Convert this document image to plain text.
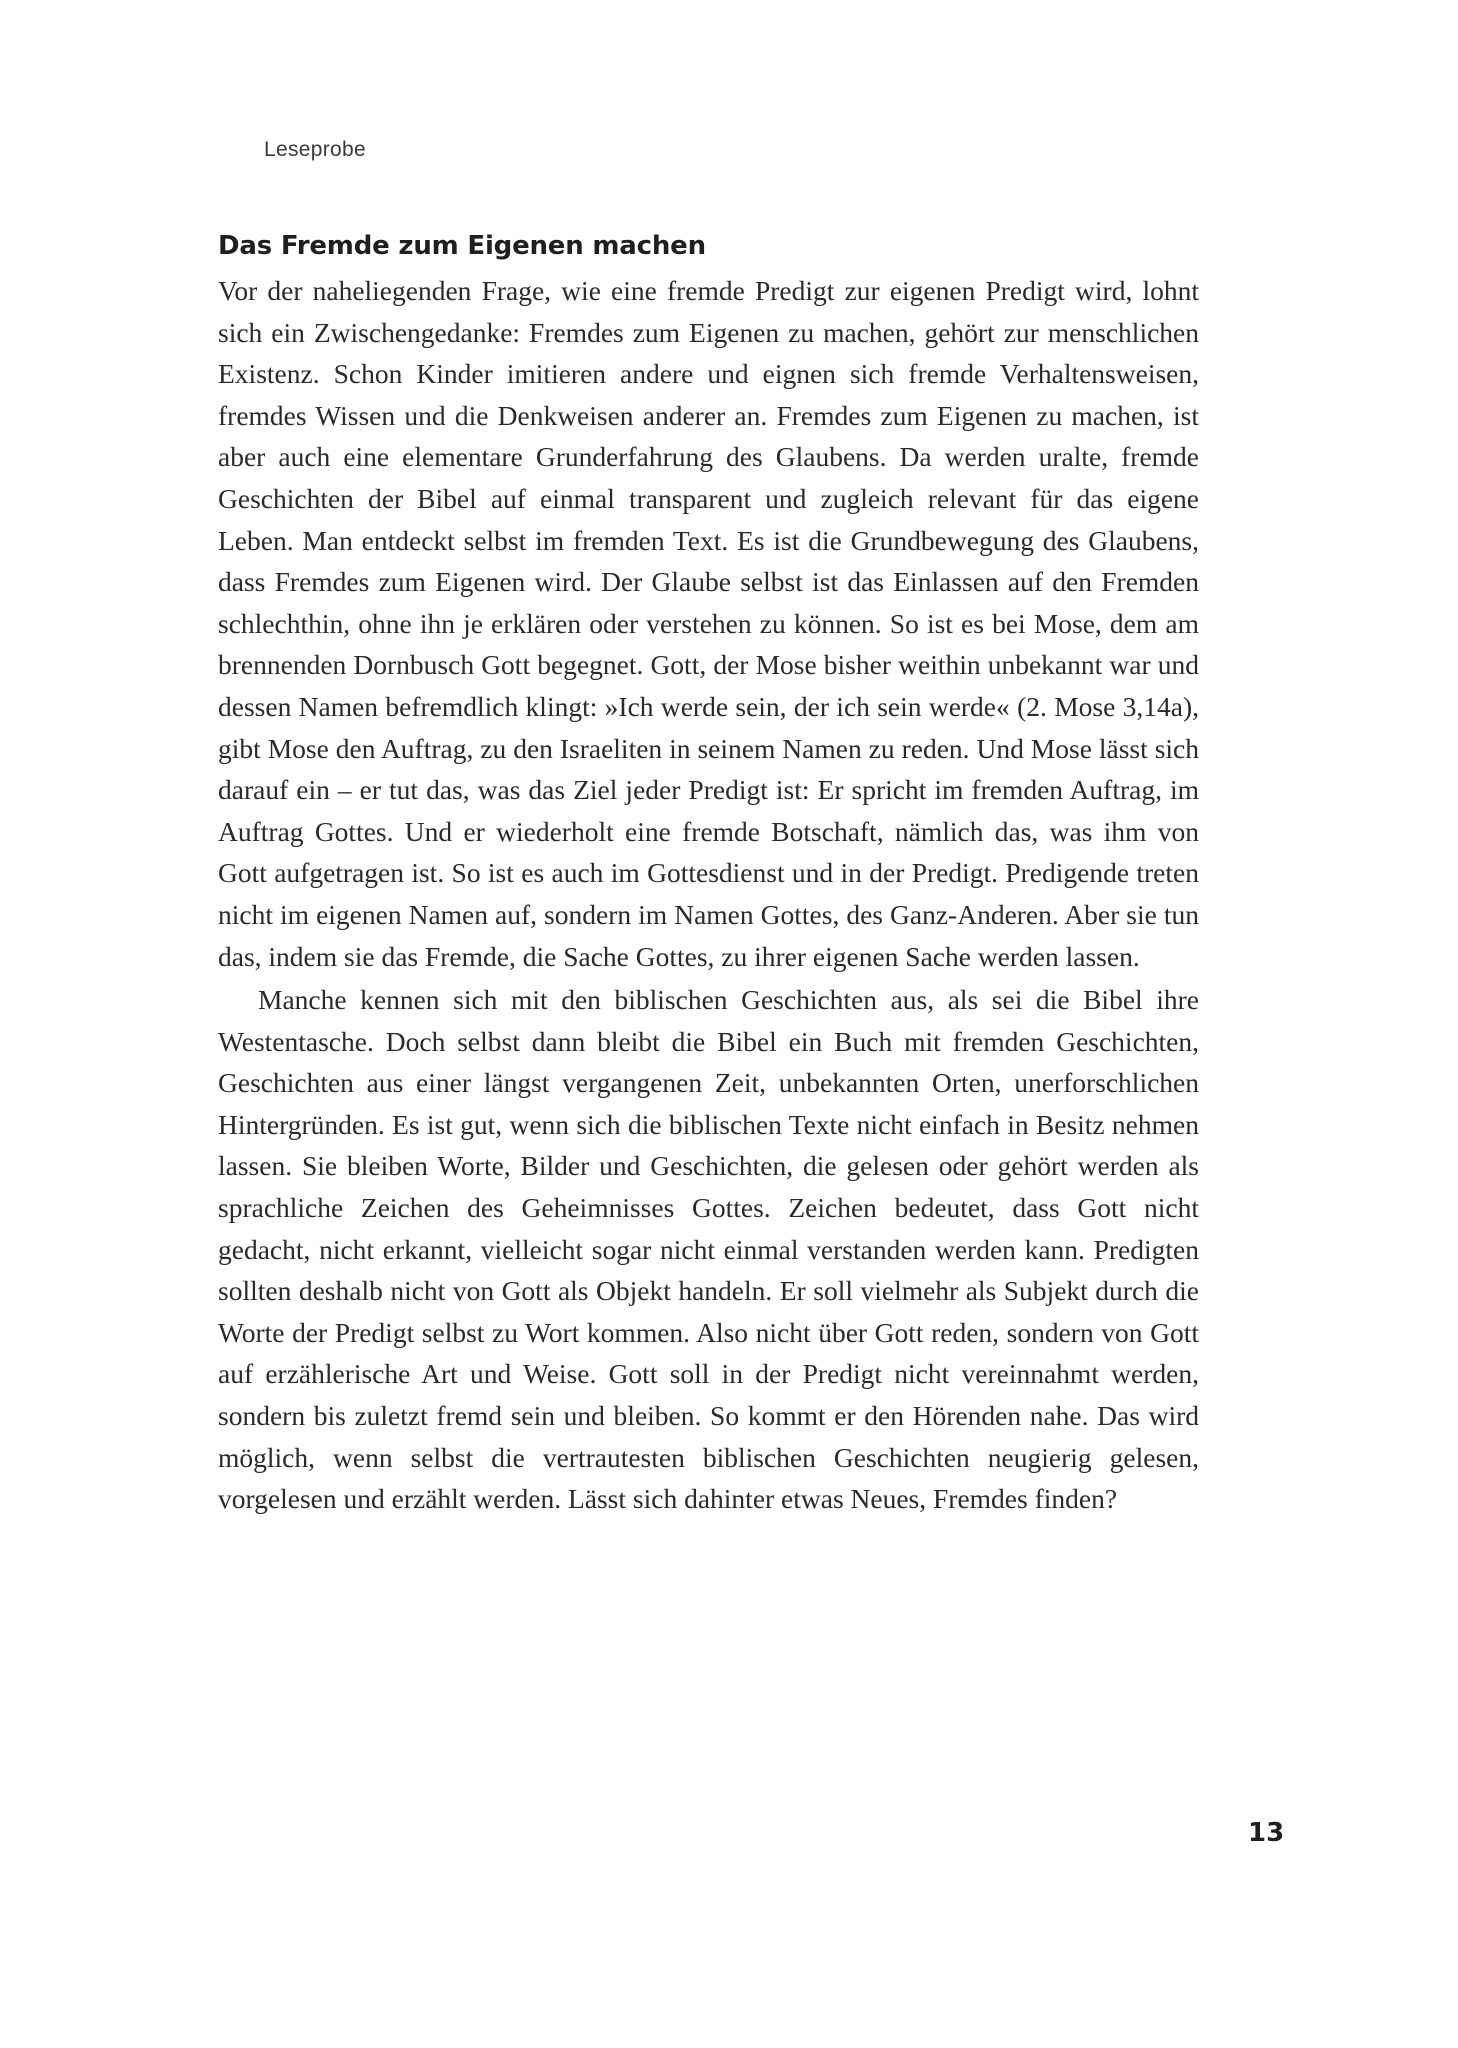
Leseprobe
Das Fremde zum Eigenen machen

Vor der naheliegenden Frage, wie eine fremde Predigt zur eigenen Predigt wird, lohnt sich ein Zwischengedanke: Fremdes zum Eigenen zu machen, gehört zur menschlichen Existenz. Schon Kinder imitieren andere und eignen sich fremde Verhaltensweisen, fremdes Wissen und die Denkweisen anderer an. Fremdes zum Eigenen zu machen, ist aber auch eine elementare Grunderfahrung des Glaubens. Da werden uralte, fremde Geschichten der Bibel auf einmal transparent und zugleich relevant für das eigene Leben. Man entdeckt selbst im fremden Text. Es ist die Grundbewegung des Glaubens, dass Fremdes zum Eigenen wird. Der Glaube selbst ist das Einlassen auf den Fremden schlechthin, ohne ihn je erklären oder verstehen zu können. So ist es bei Mose, dem am brennenden Dornbusch Gott begegnet. Gott, der Mose bisher weithin unbekannt war und dessen Namen befremdlich klingt: »Ich werde sein, der ich sein werde« (2. Mose 3,14a), gibt Mose den Auftrag, zu den Israeliten in seinem Namen zu reden. Und Mose lässt sich darauf ein – er tut das, was das Ziel jeder Predigt ist: Er spricht im fremden Auftrag, im Auftrag Gottes. Und er wiederholt eine fremde Botschaft, nämlich das, was ihm von Gott aufgetragen ist. So ist es auch im Gottesdienst und in der Predigt. Predigende treten nicht im eigenen Namen auf, sondern im Namen Gottes, des Ganz-Anderen. Aber sie tun das, indem sie das Fremde, die Sache Gottes, zu ihrer eigenen Sache werden lassen.

Manche kennen sich mit den biblischen Geschichten aus, als sei die Bibel ihre Westentasche. Doch selbst dann bleibt die Bibel ein Buch mit fremden Geschichten, Geschichten aus einer längst vergangenen Zeit, unbekannten Orten, unerforschlichen Hintergründen. Es ist gut, wenn sich die biblischen Texte nicht einfach in Besitz nehmen lassen. Sie bleiben Worte, Bilder und Geschichten, die gelesen oder gehört werden als sprachliche Zeichen des Geheimnisses Gottes. Zeichen bedeutet, dass Gott nicht gedacht, nicht erkannt, vielleicht sogar nicht einmal verstanden werden kann. Predigten sollten deshalb nicht von Gott als Objekt handeln. Er soll vielmehr als Subjekt durch die Worte der Predigt selbst zu Wort kommen. Also nicht über Gott reden, sondern von Gott auf erzählerische Art und Weise. Gott soll in der Predigt nicht vereinnahmt werden, sondern bis zuletzt fremd sein und bleiben. So kommt er den Hörenden nahe. Das wird möglich, wenn selbst die vertrautesten biblischen Geschichten neugierig gelesen, vorgelesen und erzählt werden. Lässt sich dahinter etwas Neues, Fremdes finden?

13
